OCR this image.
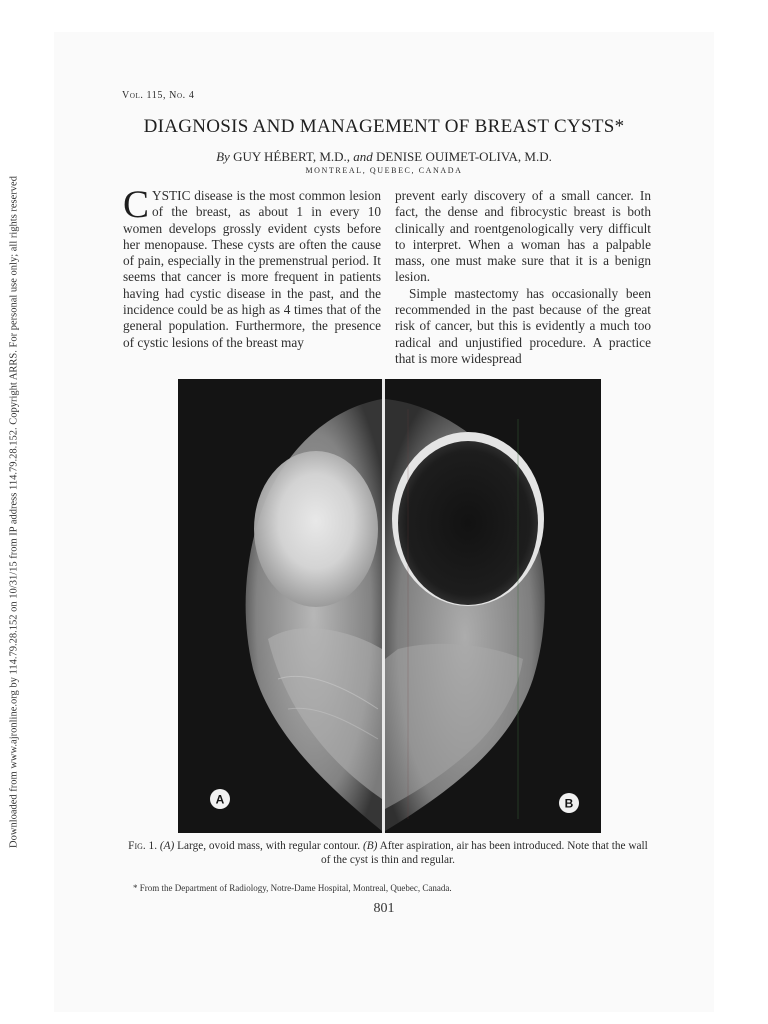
Downloaded from www.ajronline.org by 114.79.28.152 on 10/31/15 from IP address 114.79.28.152. Copyright ARRS. For personal use only; all rights reserved
Vol. 115, No. 4
DIAGNOSIS AND MANAGEMENT OF BREAST CYSTS*
By GUY HÉBERT, M.D., and DENISE OUIMET-OLIVA, M.D.
MONTREAL, QUEBEC, CANADA

CYSTIC disease is the most common lesion of the breast, as about 1 in every 10 women develops grossly evident cysts before her menopause. These cysts are often the cause of pain, especially in the premenstrual period. It seems that cancer is more frequent in patients having had cystic disease in the past, and the incidence could be as high as 4 times that of the general population. Furthermore, the presence of cystic lesions of the breast may

prevent early discovery of a small cancer. In fact, the dense and fibrocystic breast is both clinically and roentgenologically very difficult to interpret. When a woman has a palpable mass, one must make sure that it is a benign lesion.

Simple mastectomy has occasionally been recommended in the past because of the great risk of cancer, but this is evidently a much too radical and unjustified procedure. A practice that is more widespread

A	B
Fig. 1. (A) Large, ovoid mass, with regular contour. (B) After aspiration, air has been introduced. Note that the wall of the cyst is thin and regular.
* From the Department of Radiology, Notre-Dame Hospital, Montreal, Quebec, Canada.
801
